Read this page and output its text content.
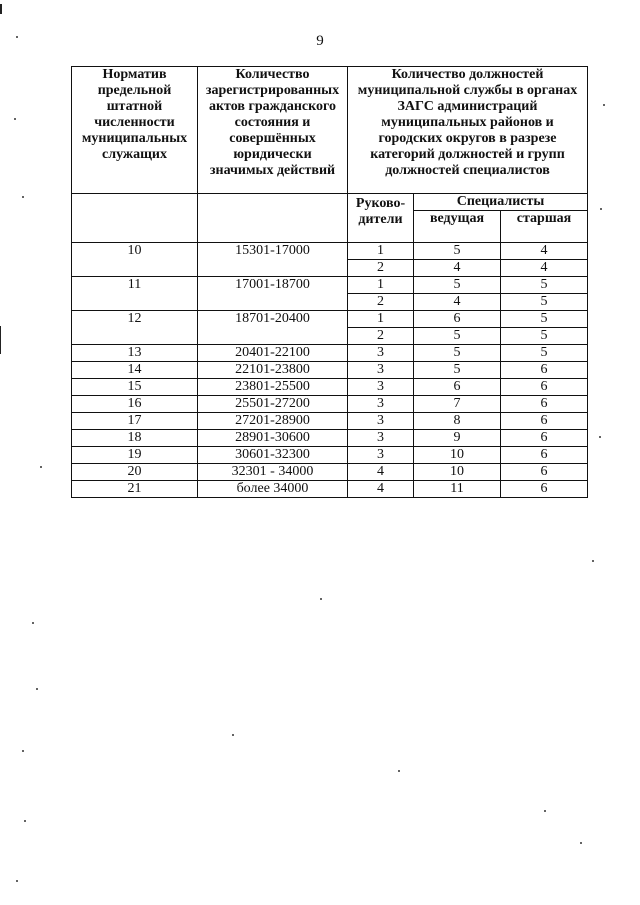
9
Норматив предельной штатной численности муниципальных служащих	Количество зарегистрированных актов гражданского состояния и совершённых юридически значимых действий	Количество должностей муниципальной службы в органах ЗАГС администраций муниципальных районов и городских округов в разрезе категорий должностей и групп должностей специалистов		

		Руково-дители	Специалисты	
			ведущая	старшая
10	15301-17000	1	5	4
		2	4	4
11	17001-18700	1	5	5
		2	4	5
12	18701-20400	1	6	5
		2	5	5
13	20401-22100	3	5	5
14	22101-23800	3	5	6
15	23801-25500	3	6	6
16	25501-27200	3	7	6
17	27201-28900	3	8	6
18	28901-30600	3	9	6
19	30601-32300	3	10	6
20	32301 - 34000	4	10	6
21	более 34000	4	11	6
